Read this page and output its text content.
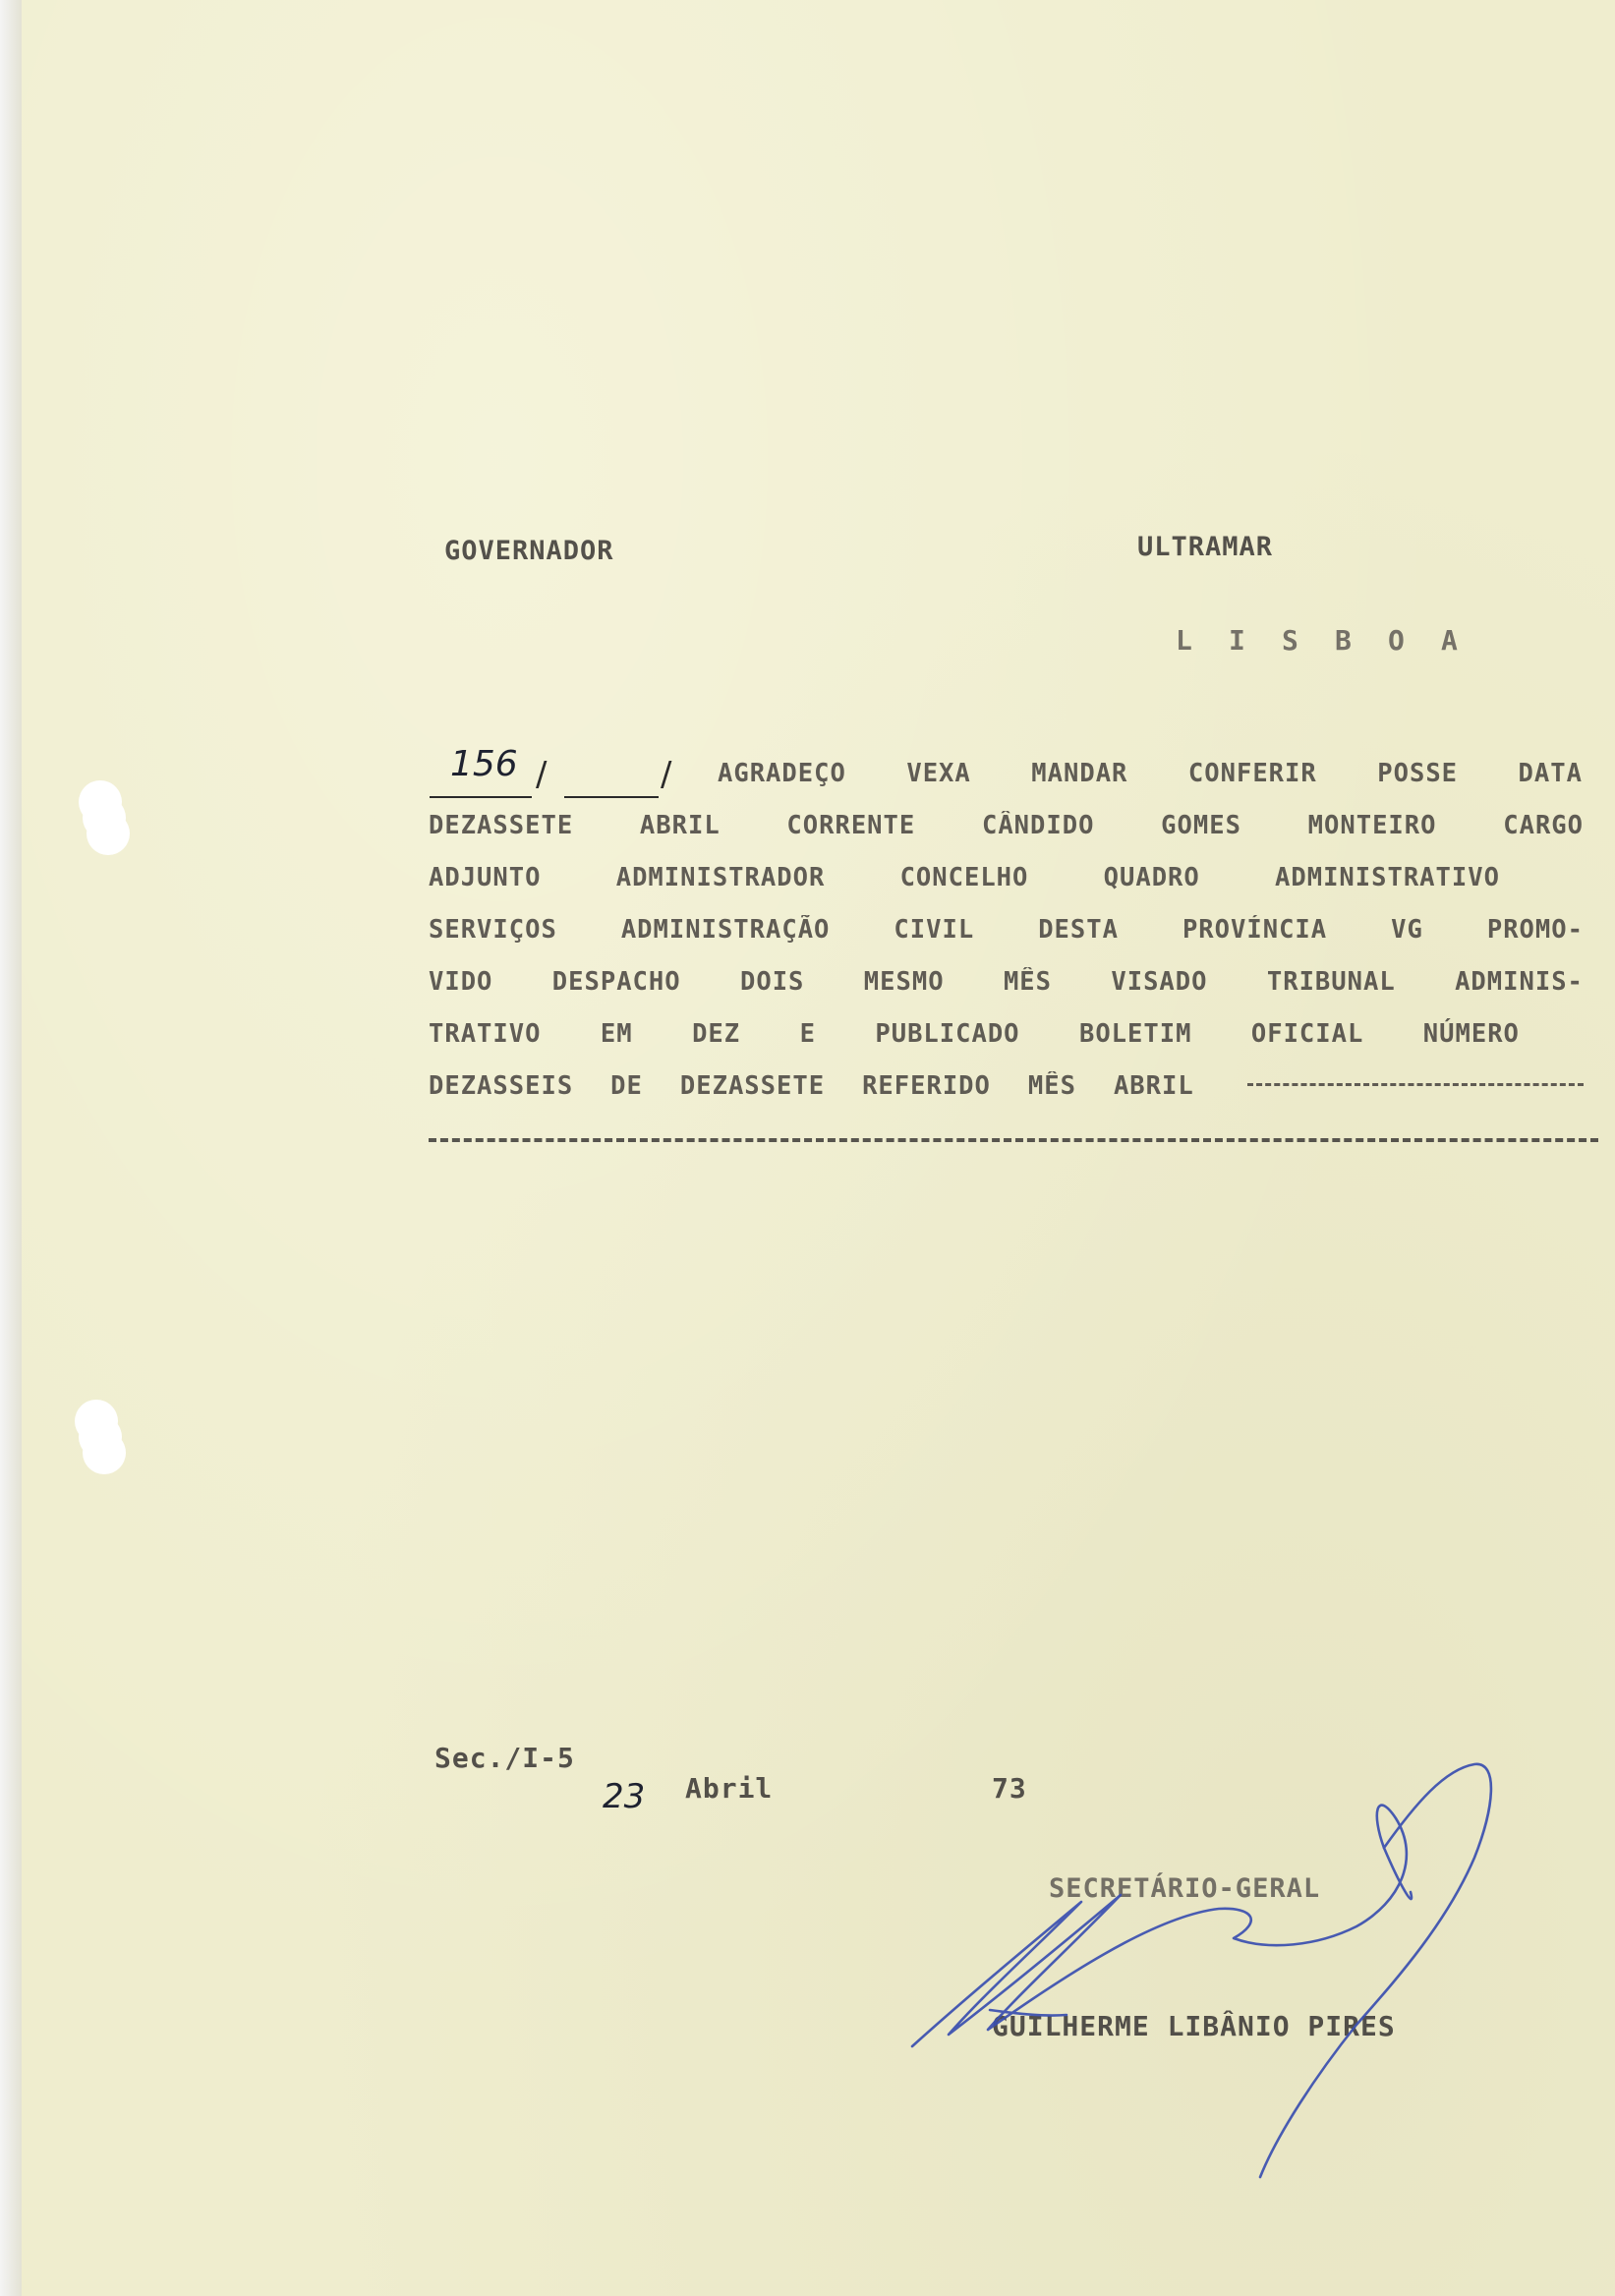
GOVERNADOR	ULTRAMAR
L I S B O A
156 /	/ AGRADEÇO VEXA MANDAR CONFERIR POSSE DATA
DEZASSETE	ABRIL	CORRENTE	CÂNDIDO	GOMES	MONTEIRO	CARGO
ADJUNTO	ADMINISTRADOR	CONCELHO	QUADRO	ADMINISTRATIVO
SERVIÇOS	ADMINISTRAÇÃO	CIVIL	DESTA	PROVÍNCIA	VG	PROMO-
VIDO DESPACHO DOIS MESMO MÊS VISADO TRIBUNAL ADMINIS-
TRATIVO EM DEZ E PUBLICADO BOLETIM OFICIAL NÚMERO
DEZASSEIS DE DEZASSETE REFERIDO MÊS ABRIL
Sec./I-5
23 Abril	73
SECRETÁRIO-GERAL
GUILHERME LIBÂNIO PIRES
